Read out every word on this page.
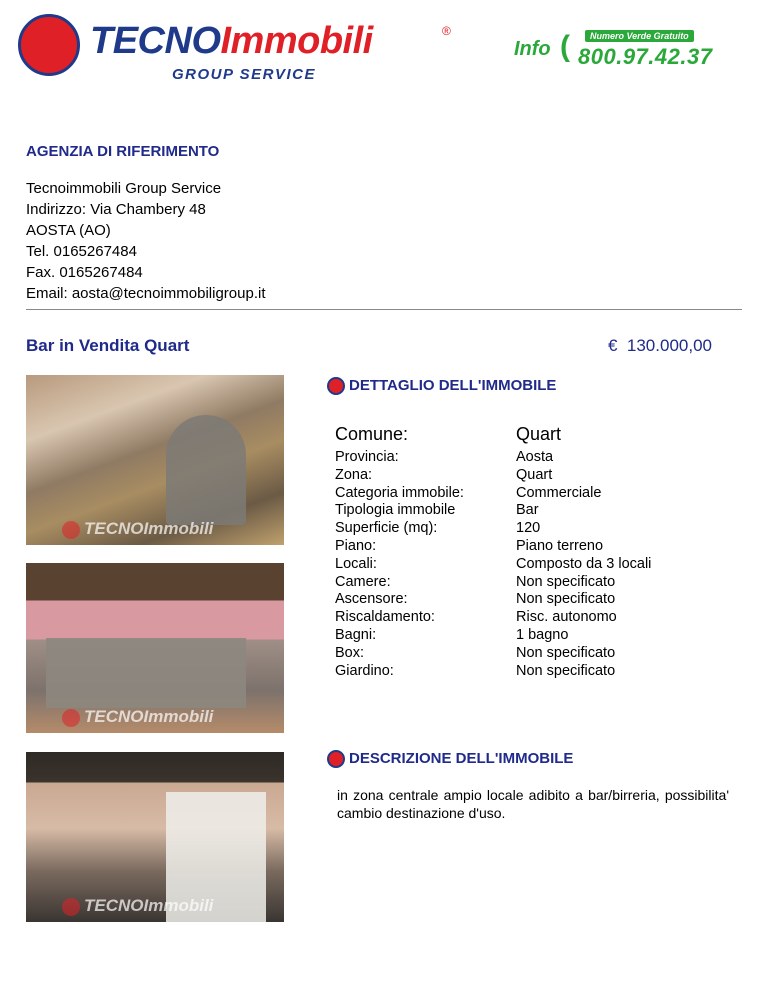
TECNOImmobili	®
GROUP SERVICE
Info (	Numero Verde Gratuito
800.97.42.37
AGENZIA DI RIFERIMENTO
Tecnoimmobili Group Service
Indirizzo: Via Chambery 48
AOSTA (AO)
Tel. 0165267484
Fax. 0165267484
Email: aosta@tecnoimmobiligroup.it
Bar in Vendita Quart	€  130.000,00
TECNOImmobili
TECNOImmobili
TECNOImmobili
DETTAGLIO DELL'IMMOBILE
Comune:	Quart
Provincia:	Aosta
Zona:	Quart
Categoria immobile:	Commerciale
Tipologia immobile	Bar
Superficie (mq):	120
Piano:	Piano terreno
Locali:	Composto da 3 locali
Camere:	Non specificato
Ascensore:	Non specificato
Riscaldamento:	Risc. autonomo
Bagni:	1 bagno
Box:	Non specificato
Giardino:	Non specificato
DESCRIZIONE DELL'IMMOBILE
in zona centrale ampio locale adibito a bar/birreria, possibilita' cambio destinazione d'uso.
